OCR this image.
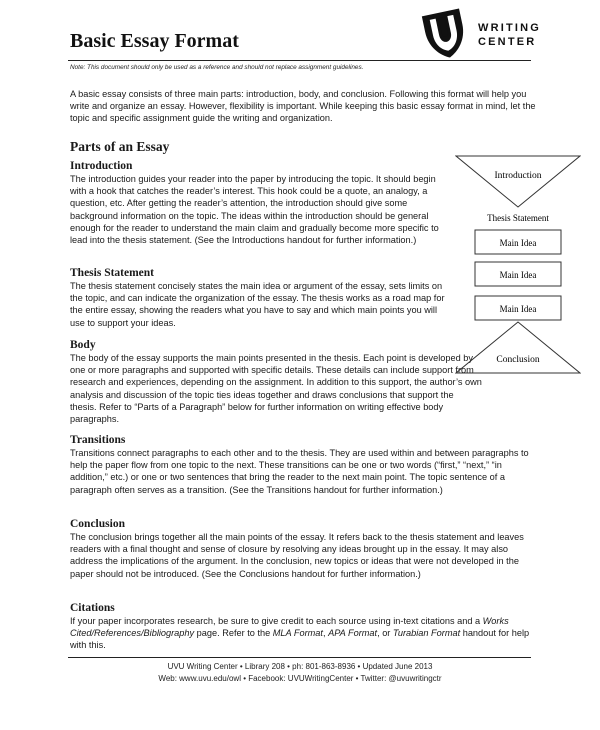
Basic Essay Format
WRITING
CENTER
Note: This document should only be used as a reference and should not replace assignment guidelines.

A basic essay consists of three main parts: introduction, body, and conclusion. Following this format will help you write and organize an essay. However, flexibility is important. While keeping this basic essay format in mind, let the topic and specific assignment guide the writing and organization.

Parts of an Essay
Introduction

The introduction guides your reader into the paper by introducing the topic. It should begin with a hook that catches the reader’s interest. This hook could be a quote, an analogy, a question, etc. After getting the reader’s attention, the introduction should give some background information on the topic. The ideas within the introduction should be general enough for the reader to understand the main claim and gradually become more specific to lead into the thesis statement. (See the Introductions handout for further information.)

Thesis Statement

The thesis statement concisely states the main idea or argument of the essay, sets limits on the topic, and can indicate the organization of the essay. The thesis works as a road map for the entire essay, showing the readers what you have to say and which main points you will use to support your ideas.

Body

The body of the essay supports the main points presented in the thesis. Each point is developed by one or more paragraphs and supported with specific details. These details can include support from research and experiences, depending on the assignment. In addition to this support, the author’s own analysis and discussion of the topic ties ideas together and draws conclusions that support the thesis. Refer to “Parts of a Paragraph” below for further information on writing effective body paragraphs.

Transitions

Transitions connect paragraphs to each other and to the thesis. They are used within and between paragraphs to help the paper flow from one topic to the next. These transitions can be one or two words (“first,” “next,” “in addition,” etc.) or one or two sentences that bring the reader to the next main point. The topic sentence of a paragraph often serves as a transition. (See the Transitions handout for further information.)

Conclusion

The conclusion brings together all the main points of the essay. It refers back to the thesis statement and leaves readers with a final thought and sense of closure by resolving any ideas brought up in the essay. It may also address the implications of the argument. In the conclusion, new topics or ideas that were not developed in the paper should not be introduced. (See the Conclusions handout for further information.)

Citations

If your paper incorporates research, be sure to give credit to each source using in-text citations and a Works Cited/References/Bibliography page. Refer to the MLA Format, APA Format, or Turabian Format handout for help with this.

Introduction
Thesis Statement
Main Idea
Main Idea
Main Idea
Conclusion
UVU Writing Center • Library 208 • ph: 801-863-8936 • Updated June 2013
Web: www.uvu.edu/owl • Facebook: UVUWritingCenter • Twitter: @uvuwritingctr
